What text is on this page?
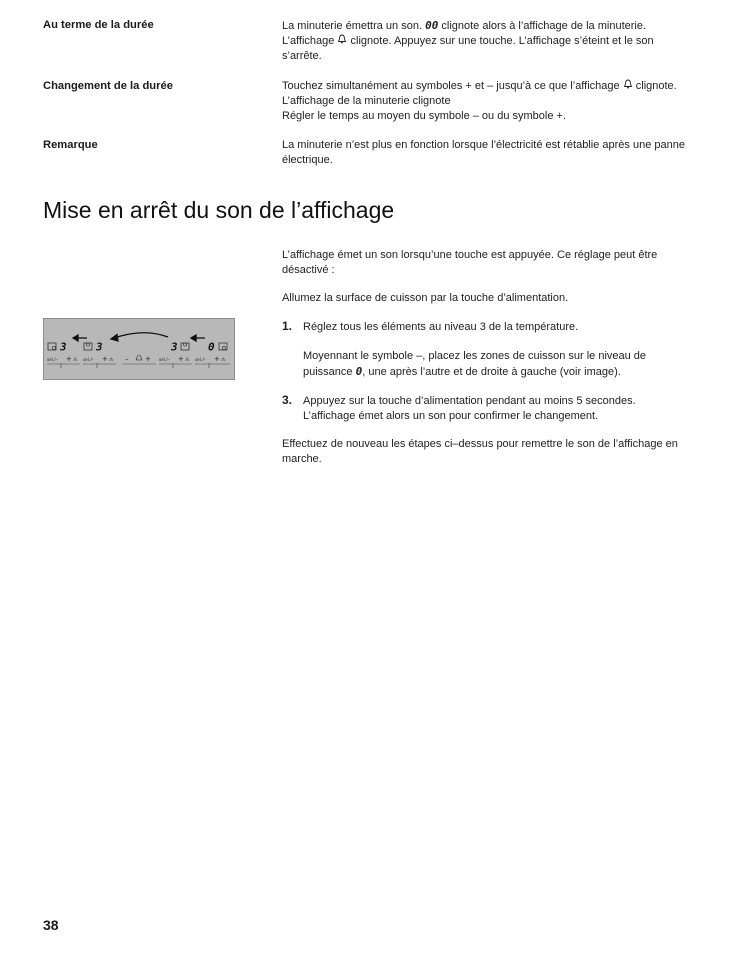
Au terme de la durée	La minuterie émettra un son. 00 clignote alors à l’affichage de la minuterie.
L’affichage  clignote. Appuyez sur une touche. L’affichage s’éteint et le son
s’arrête.
Changement de la durée	Touchez simultanément au symboles + et – jusqu’à ce que l’affichage  clignote.
L’affichage de la minuterie clignote
Régler le temps au moyen du symbole – ou du symbole +.
Remarque	La minuterie n’est plus en fonction lorsque l’électricité est rétablie après une panne
électrique.
Mise en arrêt du son de l’affichage
L’affichage émet un son lorsqu’une touche est appuyée. Ce réglage peut être
désactivé :
Allumez la surface de cuisson par la touche d’alimentation.
1. Réglez tous les éléments au niveau 3 de la température.
Moyennant le symbole –, placez les zones de cuisson sur le niveau de
puissance 0, une après l’autre et de droite à gauche (voir image).
3. Appuyez sur la touche d’alimentation pendant au moins 5 secondes.
L’affichage émet alors un son pour confirmer le changement.
Effectuez de nouveau les étapes ci–dessus pour remettre le son de l’affichage en
marche.
3	3	3	0
sel./– + ⁂ sel./– + ⁂ – + sel./– + ⁂ sel./– + ⁂
38
